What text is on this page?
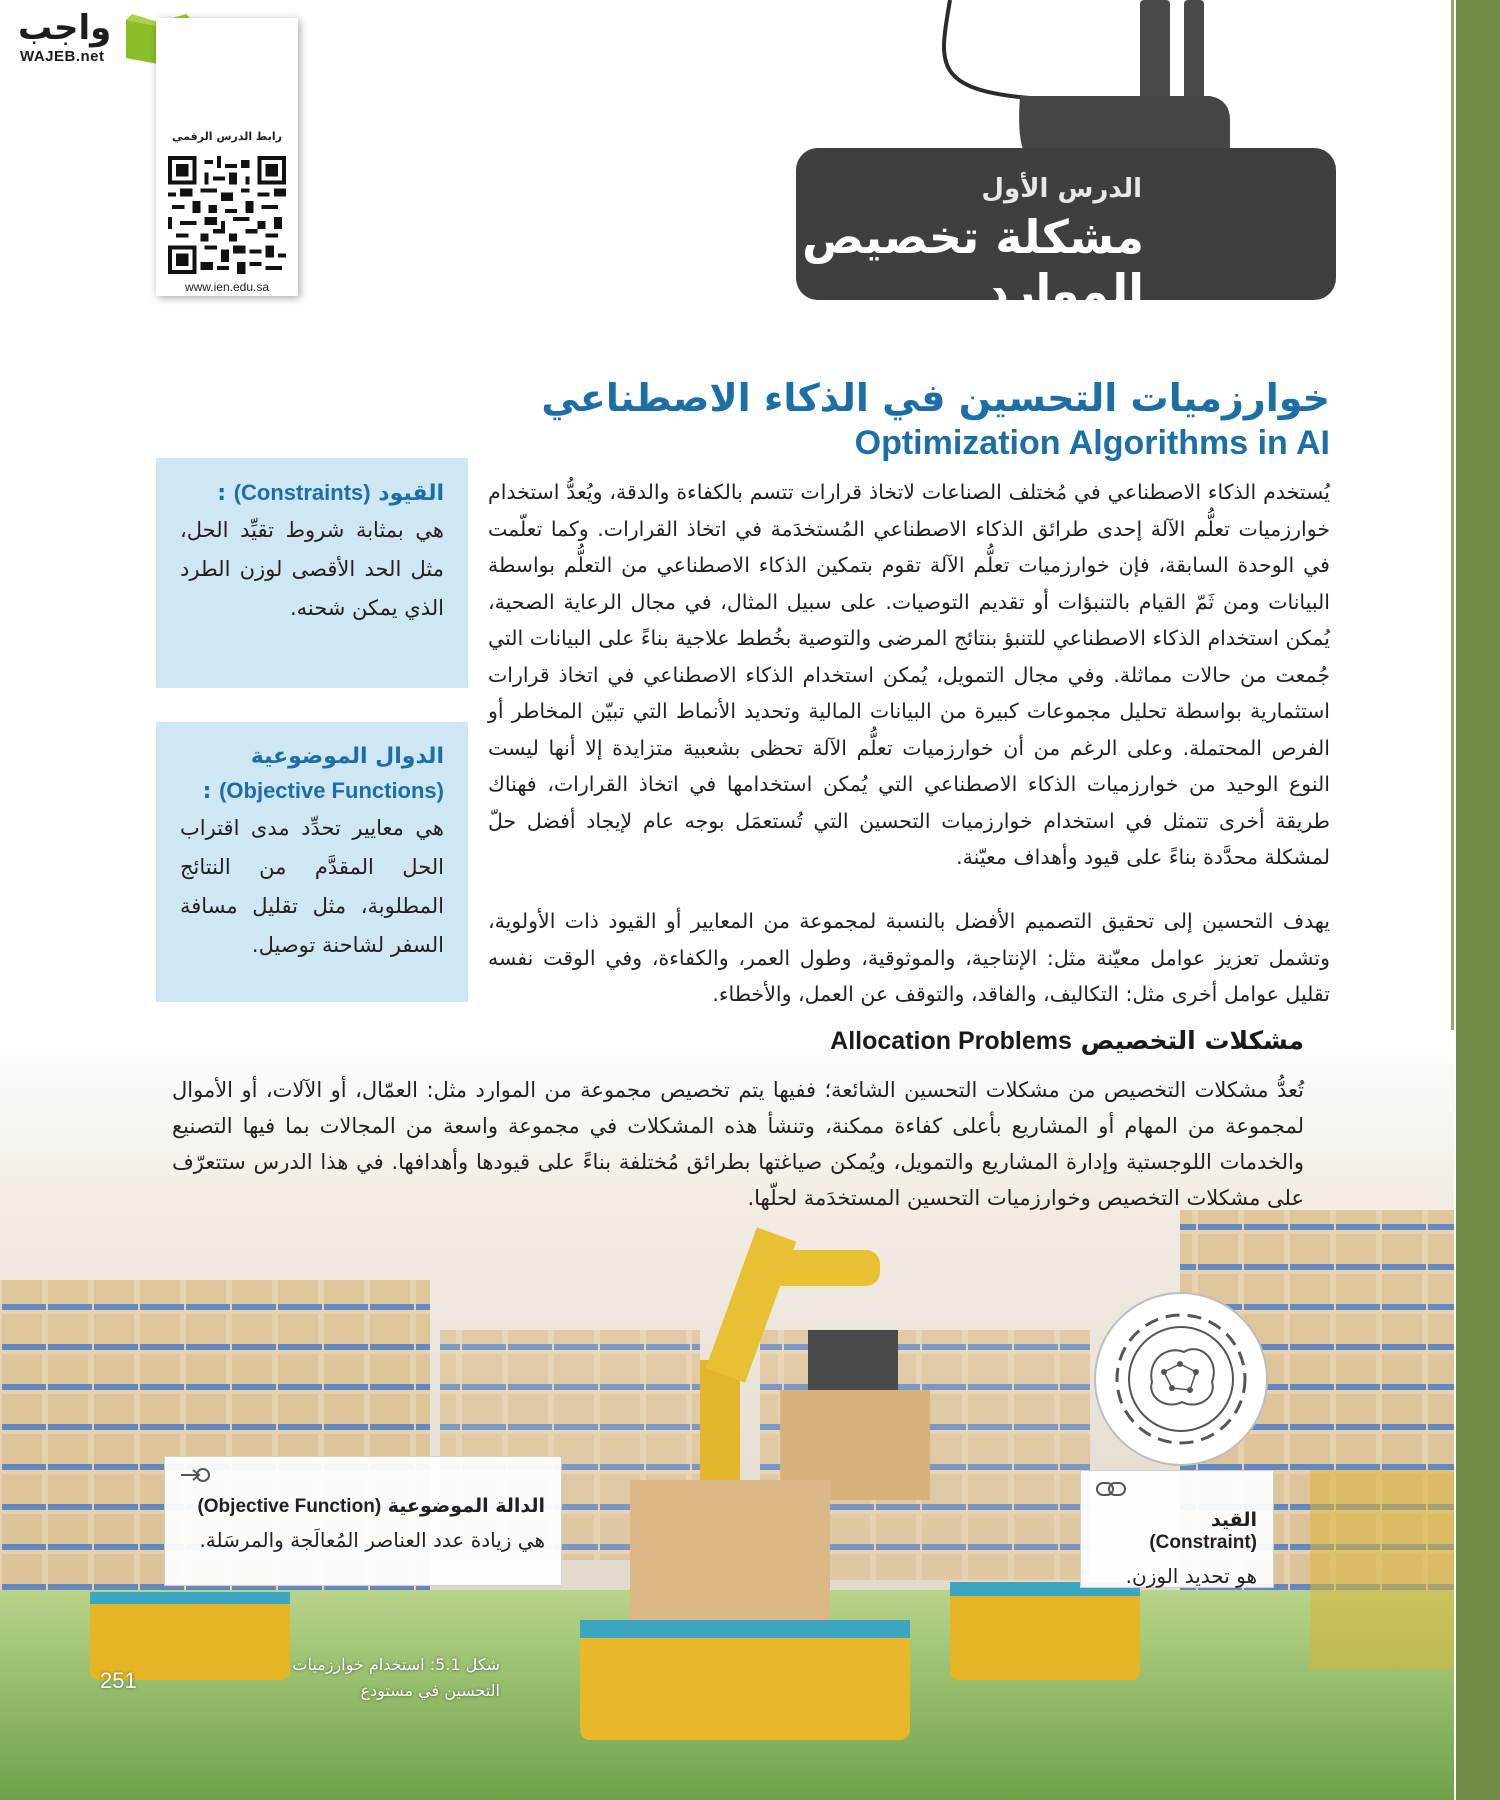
واجب
WAJEB.net
رابط الدرس الرقمي
www.ien.edu.sa
الدرس الأول
مشكلة تخصيص الموارد
خوارزميات التحسين في الذكاء الاصطناعي
Optimization Algorithms in AI

يُستخدم الذكاء الاصطناعي في مُختلف الصناعات لاتخاذ قرارات تتسم بالكفاءة والدقة، ويُعدُّ استخدام خوارزميات تعلُّم الآلة إحدى طرائق الذكاء الاصطناعي المُستخدَمة في اتخاذ القرارات. وكما تعلّمت في الوحدة السابقة، فإن خوارزميات تعلُّم الآلة تقوم بتمكين الذكاء الاصطناعي من التعلُّم بواسطة البيانات ومن ثَمّ القيام بالتنبؤات أو تقديم التوصيات. على سبيل المثال، في مجال الرعاية الصحية، يُمكن استخدام الذكاء الاصطناعي للتنبؤ بنتائج المرضى والتوصية بخُطط علاجية بناءً على البيانات التي جُمعت من حالات مماثلة. وفي مجال التمويل، يُمكن استخدام الذكاء الاصطناعي في اتخاذ قرارات استثمارية بواسطة تحليل مجموعات كبيرة من البيانات المالية وتحديد الأنماط التي تبيّن المخاطر أو الفرص المحتملة. وعلى الرغم من أن خوارزميات تعلُّم الآلة تحظى بشعبية متزايدة إلا أنها ليست النوع الوحيد من خوارزميات الذكاء الاصطناعي التي يُمكن استخدامها في اتخاذ القرارات، فهناك طريقة أخرى تتمثل في استخدام خوارزميات التحسين التي تُستعمَل بوجه عام لإيجاد أفضل حلّ لمشكلة محدَّدة بناءً على قيود وأهداف معيّنة.

يهدف التحسين إلى تحقيق التصميم الأفضل بالنسبة لمجموعة من المعايير أو القيود ذات الأولوية، وتشمل تعزيز عوامل معيّنة مثل: الإنتاجية، والموثوقية، وطول العمر، والكفاءة، وفي الوقت نفسه تقليل عوامل أخرى مثل: التكاليف، والفاقد، والتوقف عن العمل، والأخطاء.

القيود (Constraints) :
هي بمثابة شروط تقيِّد الحل، مثل الحد الأقصى لوزن الطرد الذي يمكن شحنه.
الدوال الموضوعية
(Objective Functions) :
هي معايير تحدِّد مدى اقتراب الحل المقدَّم من النتائج المطلوبة، مثل تقليل مسافة السفر لشاحنة توصيل.
مشكلات التخصيص Allocation Problems

تُعدُّ مشكلات التخصيص من مشكلات التحسين الشائعة؛ ففيها يتم تخصيص مجموعة من الموارد مثل: العمّال، أو الآلات، أو الأموال لمجموعة من المهام أو المشاريع بأعلى كفاءة ممكنة، وتنشأ هذه المشكلات في مجموعة واسعة من المجالات بما فيها التصنيع والخدمات اللوجستية وإدارة المشاريع والتمويل، ويُمكن صياغتها بطرائق مُختلفة بناءً على قيودها وأهدافها. في هذا الدرس ستتعرّف على مشكلات التخصيص وخوارزميات التحسين المستخدَمة لحلّها.

الدالة الموضوعية (Objective Function)
هي زيادة عدد العناصر المُعالَجة والمرسَلة.
القيد (Constraint)
هو تحديد الوزن.
شكل 5.1: استخدام خوارزميات التحسين في مستودع
251
